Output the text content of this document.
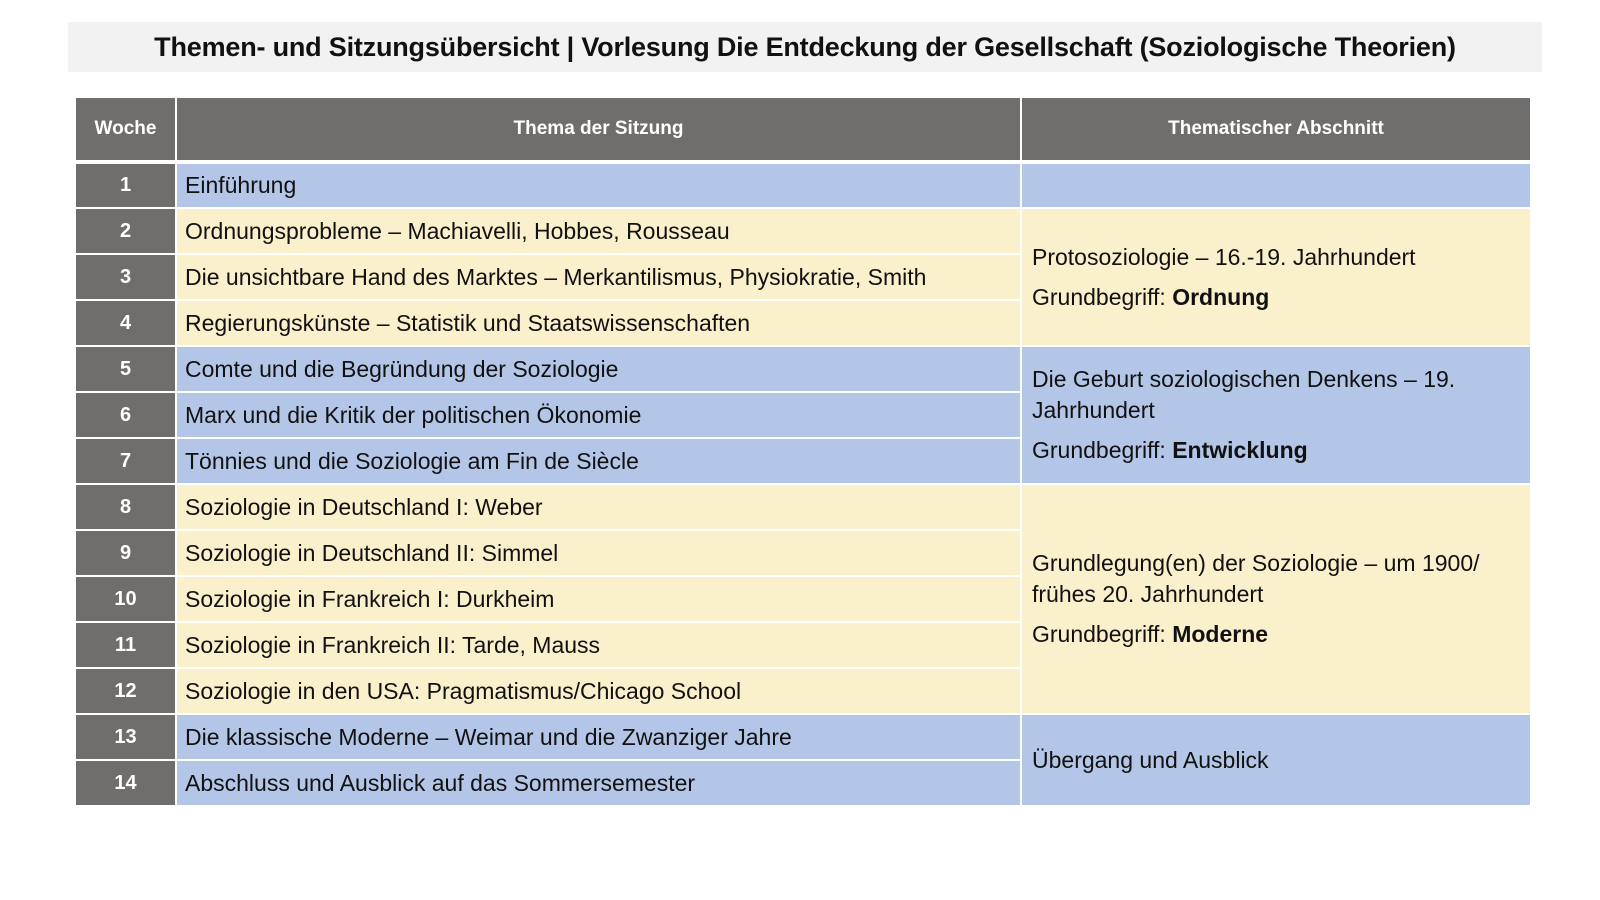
Themen- und Sitzungsübersicht | Vorlesung Die Entdeckung der Gesellschaft (Soziologische Theorien)
Woche	Thema der Sitzung	Thematischer Abschnitt
1	Einführung	
2	Ordnungsprobleme – Machiavelli, Hobbes, Rousseau	Protosoziologie – 16.-19. Jahrhundert
Grundbegriff: Ordnung

3	Die unsichtbare Hand des Marktes – Merkantilismus, Physiokratie, Smith	
4	Regierungskünste – Statistik und Staatswissenschaften	
5	Comte und die Begründung der Soziologie	Die Geburt soziologischen Denkens – 19. Jahrhundert
Grundbegriff: Entwicklung

6	Marx und die Kritik der politischen Ökonomie	
7	Tönnies und die Soziologie am Fin de Siècle	
8	Soziologie in Deutschland I: Weber	Grundlegung(en) der Soziologie – um 1900/ frühes 20. Jahrhundert
Grundbegriff: Moderne

9	Soziologie in Deutschland II: Simmel	
10	Soziologie in Frankreich I: Durkheim	
11	Soziologie in Frankreich II: Tarde, Mauss	
12	Soziologie in den USA: Pragmatismus/Chicago School	
13	Die klassische Moderne – Weimar und die Zwanziger Jahre	Übergang und Ausblick
14	Abschluss und Ausblick auf das Sommersemester	
